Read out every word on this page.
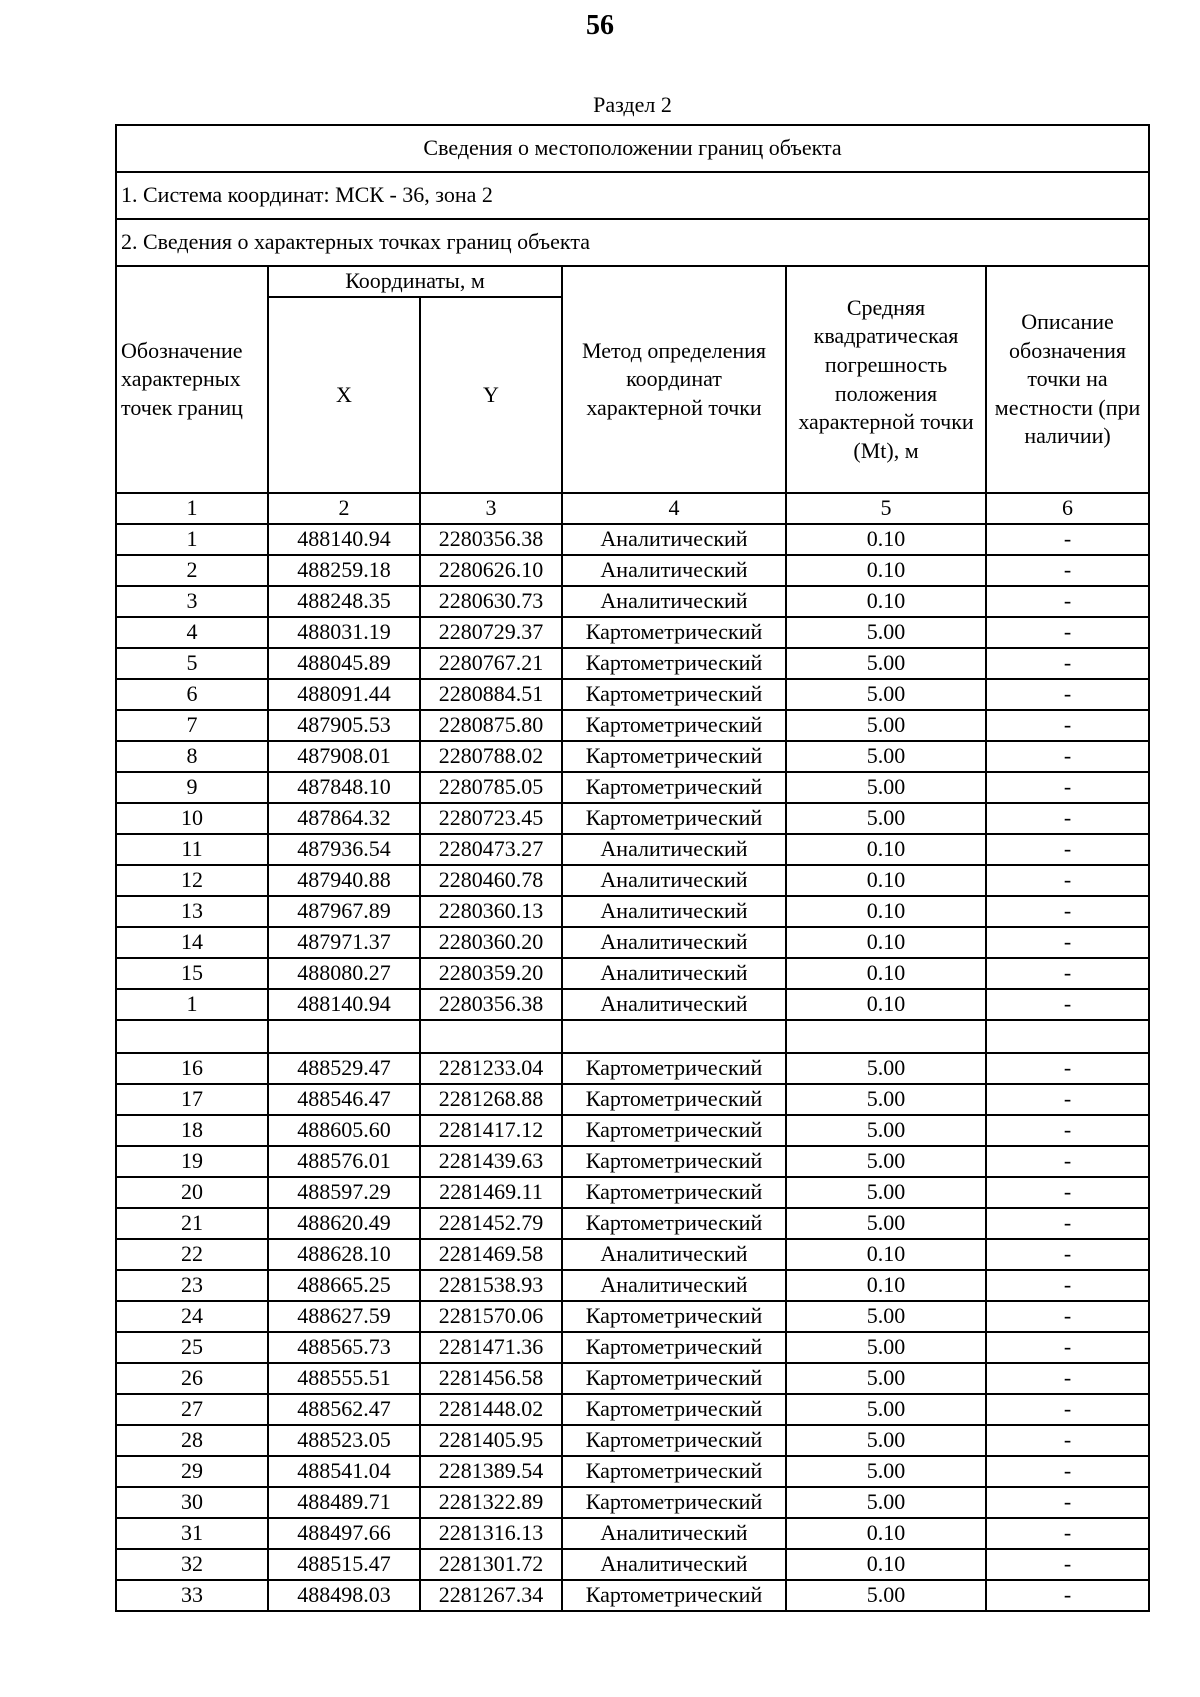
56
Раздел 2
Сведения о местоположении границ объекта					
1. Система координат: МСК - 36, зона 2					
2. Сведения о характерных точках границ объекта					
Обозначение характерных точек границ	Координаты, м		Метод определения координат характерной точки	Средняя квадратическая погрешность положения характерной точки (Mt), м	Описание обозначения точки на местности (при наличии)
	X	Y			
1	2	3	4	5	6
1	488140.94	2280356.38	Аналитический	0.10	-
2	488259.18	2280626.10	Аналитический	0.10	-
3	488248.35	2280630.73	Аналитический	0.10	-
4	488031.19	2280729.37	Картометрический	5.00	-
5	488045.89	2280767.21	Картометрический	5.00	-
6	488091.44	2280884.51	Картометрический	5.00	-
7	487905.53	2280875.80	Картометрический	5.00	-
8	487908.01	2280788.02	Картометрический	5.00	-
9	487848.10	2280785.05	Картометрический	5.00	-
10	487864.32	2280723.45	Картометрический	5.00	-
11	487936.54	2280473.27	Аналитический	0.10	-
12	487940.88	2280460.78	Аналитический	0.10	-
13	487967.89	2280360.13	Аналитический	0.10	-
14	487971.37	2280360.20	Аналитический	0.10	-
15	488080.27	2280359.20	Аналитический	0.10	-
1	488140.94	2280356.38	Аналитический	0.10	-

16	488529.47	2281233.04	Картометрический	5.00	-
17	488546.47	2281268.88	Картометрический	5.00	-
18	488605.60	2281417.12	Картометрический	5.00	-
19	488576.01	2281439.63	Картометрический	5.00	-
20	488597.29	2281469.11	Картометрический	5.00	-
21	488620.49	2281452.79	Картометрический	5.00	-
22	488628.10	2281469.58	Аналитический	0.10	-
23	488665.25	2281538.93	Аналитический	0.10	-
24	488627.59	2281570.06	Картометрический	5.00	-
25	488565.73	2281471.36	Картометрический	5.00	-
26	488555.51	2281456.58	Картометрический	5.00	-
27	488562.47	2281448.02	Картометрический	5.00	-
28	488523.05	2281405.95	Картометрический	5.00	-
29	488541.04	2281389.54	Картометрический	5.00	-
30	488489.71	2281322.89	Картометрический	5.00	-
31	488497.66	2281316.13	Аналитический	0.10	-
32	488515.47	2281301.72	Аналитический	0.10	-
33	488498.03	2281267.34	Картометрический	5.00	-
